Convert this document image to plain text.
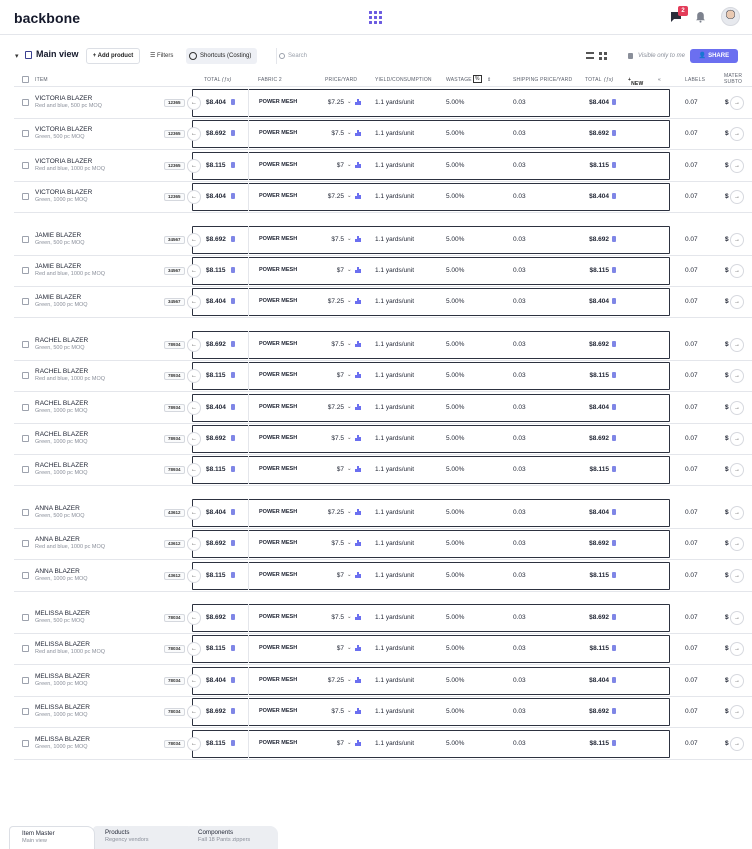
backbone	2
▾ Main view	+ Add product	☰ Filters	Shortcuts (Costing)	Search	Visible only to me	👤 SHARE
ITEM	TOTAL (ƒx)	FABRIC 2	PRICE/YARD	YIELD/CONSUMPTION	WASTAGE %	⇕	SHIPPING PRICE/YARD	TOTAL (ƒx)	+
NEW
«	LABELS
MATER SUBTO
VICTORIA BLAZER
Red and blue, 500 pc MOQ
12365	←	$8.404	POWER MESH	$7.25 ⌄	1.1 yards/unit	5.00%	0.03	$8.404	0.07	$ →
VICTORIA BLAZER
Green, 500 pc MOQ
12365	←	$8.692	POWER MESH	$7.5 ⌄	1.1 yards/unit	5.00%	0.03	$8.692	0.07	$ →
VICTORIA BLAZER
Red and blue, 1000 pc MOQ
12365	←	$8.115	POWER MESH	$7 ⌄	1.1 yards/unit	5.00%	0.03	$8.115	0.07	$ →
VICTORIA BLAZER
Green, 1000 pc MOQ
12365	←	$8.404	POWER MESH	$7.25 ⌄	1.1 yards/unit	5.00%	0.03	$8.404	0.07	$ →
JAMIE BLAZER
Green, 500 pc MOQ
34567	←	$8.692	POWER MESH	$7.5 ⌄	1.1 yards/unit	5.00%	0.03	$8.692	0.07	$ →
JAMIE BLAZER
Red and blue, 1000 pc MOQ
34567	←	$8.115	POWER MESH	$7 ⌄	1.1 yards/unit	5.00%	0.03	$8.115	0.07	$ →
JAMIE BLAZER
Green, 1000 pc MOQ
34567	←	$8.404	POWER MESH	$7.25 ⌄	1.1 yards/unit	5.00%	0.03	$8.404	0.07	$ →
RACHEL BLAZER
Green, 500 pc MOQ
78934	←	$8.692	POWER MESH	$7.5 ⌄	1.1 yards/unit	5.00%	0.03	$8.692	0.07	$ →
RACHEL BLAZER
Red and blue, 1000 pc MOQ
78934	←	$8.115	POWER MESH	$7 ⌄	1.1 yards/unit	5.00%	0.03	$8.115	0.07	$ →
RACHEL BLAZER
Green, 1000 pc MOQ
78934	←	$8.404	POWER MESH	$7.25 ⌄	1.1 yards/unit	5.00%	0.03	$8.404	0.07	$ →
RACHEL BLAZER
Green, 1000 pc MOQ
78934	←	$8.692	POWER MESH	$7.5 ⌄	1.1 yards/unit	5.00%	0.03	$8.692	0.07	$ →
RACHEL BLAZER
Green, 1000 pc MOQ
78934	←	$8.115	POWER MESH	$7 ⌄	1.1 yards/unit	5.00%	0.03	$8.115	0.07	$ →
ANNA BLAZER
Green, 500 pc MOQ
43612	←	$8.404	POWER MESH	$7.25 ⌄	1.1 yards/unit	5.00%	0.03	$8.404	0.07	$ →
ANNA BLAZER
Red and blue, 1000 pc MOQ
43612	←	$8.692	POWER MESH	$7.5 ⌄	1.1 yards/unit	5.00%	0.03	$8.692	0.07	$ →
ANNA BLAZER
Green, 1000 pc MOQ
43612	←	$8.115	POWER MESH	$7 ⌄	1.1 yards/unit	5.00%	0.03	$8.115	0.07	$ →
MELISSA BLAZER
Green, 500 pc MOQ
78034	←	$8.692	POWER MESH	$7.5 ⌄	1.1 yards/unit	5.00%	0.03	$8.692	0.07	$ →
MELISSA BLAZER
Red and blue, 1000 pc MOQ
78034	←	$8.115	POWER MESH	$7 ⌄	1.1 yards/unit	5.00%	0.03	$8.115	0.07	$ →
MELISSA BLAZER
Green, 1000 pc MOQ
78034	←	$8.404	POWER MESH	$7.25 ⌄	1.1 yards/unit	5.00%	0.03	$8.404	0.07	$ →
MELISSA BLAZER
Green, 1000 pc MOQ
78034	←	$8.692	POWER MESH	$7.5 ⌄	1.1 yards/unit	5.00%	0.03	$8.692	0.07	$ →
MELISSA BLAZER
Green, 1000 pc MOQ
78034	←	$8.115	POWER MESH	$7 ⌄	1.1 yards/unit	5.00%	0.03	$8.115	0.07	$ →
Components
Fall 18 Pants zippers
Products
Regency vendors
Item Master
Main view
